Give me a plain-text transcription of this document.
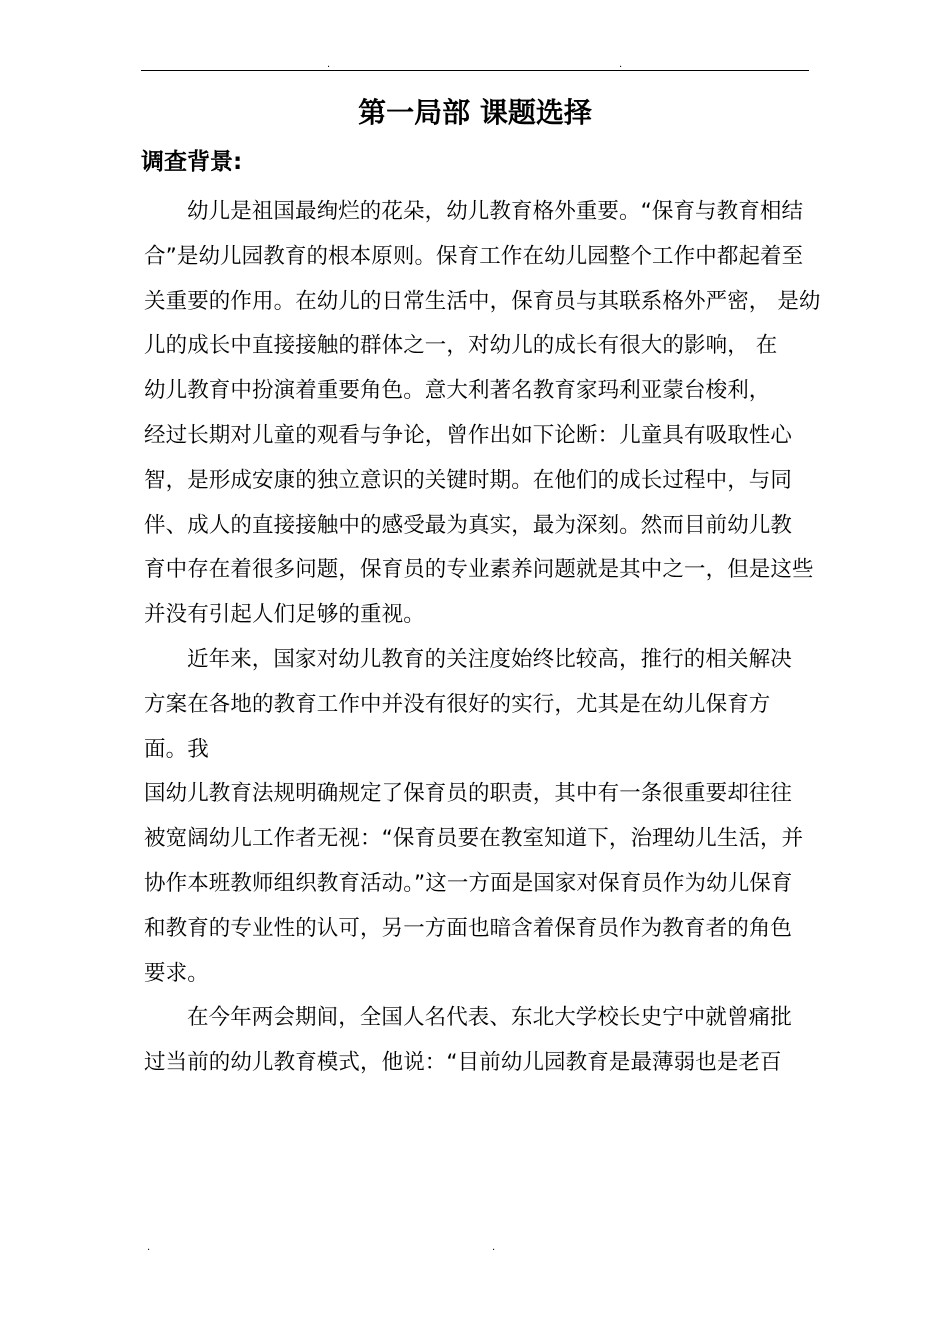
.	.
第一局部 课题选择
调查背景:
幼儿是祖国最绚烂的花朵，幼儿教育格外重要。“保育与教育相结
合”是幼儿园教育的根本原则。保育工作在幼儿园整个工作中都起着至
关重要的作用。在幼儿的日常生活中，保育员与其联系格外严密， 是幼
儿的成长中直接接触的群体之一，对幼儿的成长有很大的影响， 在
幼儿教育中扮演着重要角色。意大利著名教育家玛利亚蒙台梭利，
经过长期对儿童的观看与争论，曾作出如下论断：儿童具有吸取性心
智，是形成安康的独立意识的关键时期。在他们的成长过程中，与同
伴、成人的直接接触中的感受最为真实，最为深刻。然而目前幼儿教
育中存在着很多问题，保育员的专业素养问题就是其中之一，但是这些
并没有引起人们足够的重视。
近年来，国家对幼儿教育的关注度始终比较高，推行的相关解决
方案在各地的教育工作中并没有很好的实行，尤其是在幼儿保育方
面。我
国幼儿教育法规明确规定了保育员的职责，其中有一条很重要却往往
被宽阔幼儿工作者无视：“保育员要在教室知道下，治理幼儿生活，并
协作本班教师组织教育活动。”这一方面是国家对保育员作为幼儿保育
和教育的专业性的认可，另一方面也暗含着保育员作为教育者的角色
要求。
在今年两会期间，全国人名代表、东北大学校长史宁中就曾痛批
过当前的幼儿教育模式，他说：“目前幼儿园教育是最薄弱也是老百
.	.
